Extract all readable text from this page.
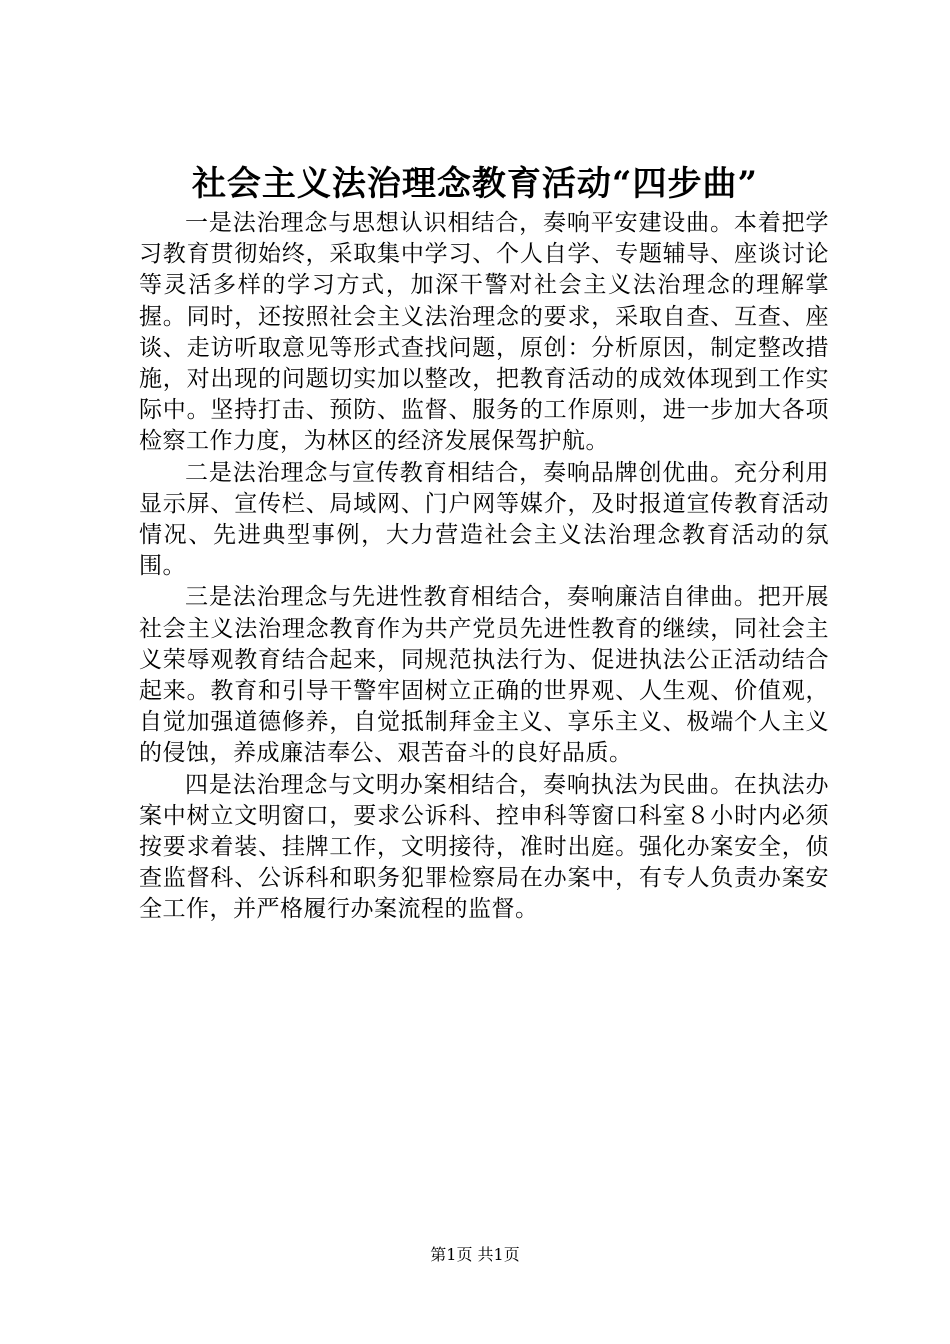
社会主义法治理念教育活动“四步曲”

一是法治理念与思想认识相结合，奏响平安建设曲。本着把学习教育贯彻始终，采取集中学习、个人自学、专题辅导、座谈讨论等灵活多样的学习方式，加深干警对社会主义法治理念的理解掌握。同时，还按照社会主义法治理念的要求，采取自查、互查、座谈、走访听取意见等形式查找问题，原创：分析原因，制定整改措施，对出现的问题切实加以整改，把教育活动的成效体现到工作实际中。坚持打击、预防、监督、服务的工作原则，进一步加大各项检察工作力度，为林区的经济发展保驾护航。

二是法治理念与宣传教育相结合，奏响品牌创优曲。充分利用显示屏、宣传栏、局域网、门户网等媒介，及时报道宣传教育活动情况、先进典型事例，大力营造社会主义法治理念教育活动的氛围。

三是法治理念与先进性教育相结合，奏响廉洁自律曲。把开展社会主义法治理念教育作为共产党员先进性教育的继续，同社会主义荣辱观教育结合起来，同规范执法行为、促进执法公正活动结合起来。教育和引导干警牢固树立正确的世界观、人生观、价值观，自觉加强道德修养，自觉抵制拜金主义、享乐主义、极端个人主义的侵蚀，养成廉洁奉公、艰苦奋斗的良好品质。

四是法治理念与文明办案相结合，奏响执法为民曲。在执法办案中树立文明窗口，要求公诉科、控申科等窗口科室８小时内必须按要求着装、挂牌工作，文明接待，准时出庭。强化办案安全，侦查监督科、公诉科和职务犯罪检察局在办案中，有专人负责办案安全工作，并严格履行办案流程的监督。

第1页 共1页
